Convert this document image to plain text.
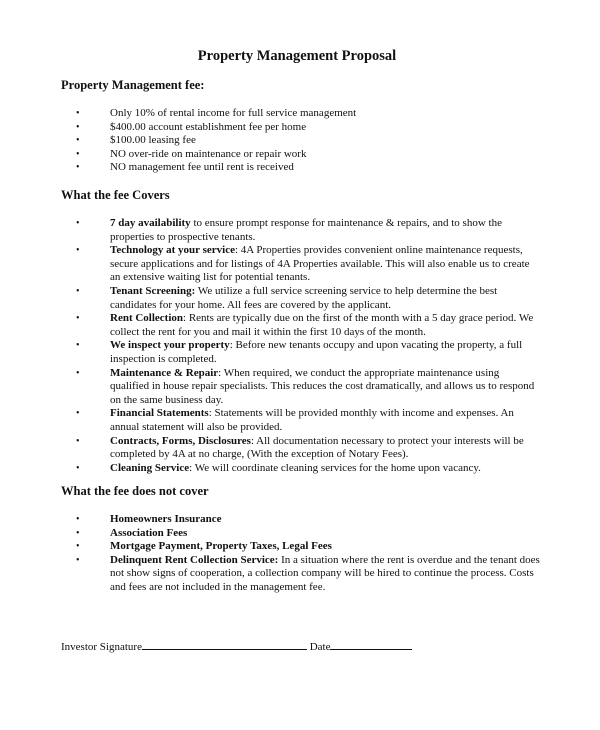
Property Management Proposal
Property Management fee:
•	Only 10% of rental income for full service management
•	$400.00 account establishment fee per home
•	$100.00 leasing fee
•	NO over-ride on maintenance or repair work
•	NO management fee until rent is received
What the fee Covers
•	7 day availability to ensure prompt response for maintenance & repairs, and to show the properties to prospective tenants.
•	Technology at your service: 4A Properties provides convenient online maintenance requests, secure applications and for listings of 4A Properties available. This will also enable us to create an extensive waiting list for potential tenants.
•	Tenant Screening: We utilize a full service screening service to help determine the best candidates for your home. All fees are covered by the applicant.
•	Rent Collection: Rents are typically due on the first of the month with a 5 day grace period. We collect the rent for you and mail it within the first 10 days of the month.
•	We inspect your property: Before new tenants occupy and upon vacating the property, a full inspection is completed.
•	Maintenance & Repair: When required, we conduct the appropriate maintenance using qualified in house repair specialists. This reduces the cost dramatically, and allows us to respond on the same business day.
•	Financial Statements: Statements will be provided monthly with income and expenses. An annual statement will also be provided.
•	Contracts, Forms, Disclosures: All documentation necessary to protect your interests will be completed by 4A at no charge, (With the exception of Notary Fees).
•	Cleaning Service: We will coordinate cleaning services for the home upon vacancy.
What the fee does not cover
•	Homeowners Insurance
•	Association Fees
•	Mortgage Payment, Property Taxes, Legal Fees
•	Delinquent Rent Collection Service: In a situation where the rent is overdue and the tenant does not show signs of cooperation, a collection company will be hired to continue the process. Costs and fees are not included in the management fee.
Investor Signature	Date
